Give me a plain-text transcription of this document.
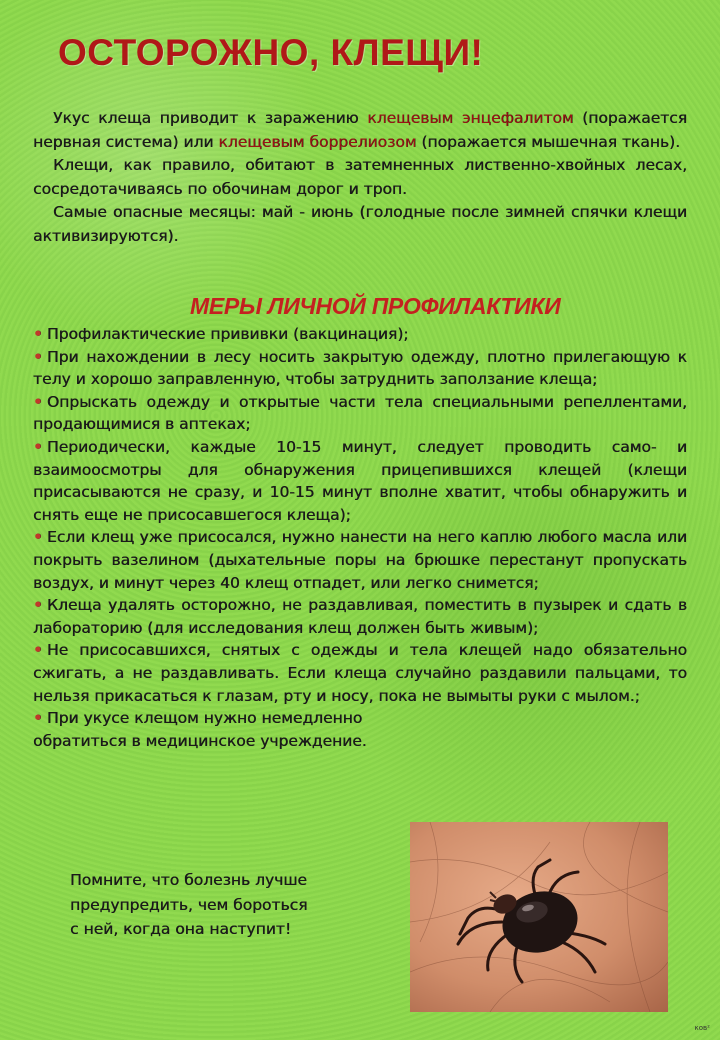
ОСТОРОЖНО, КЛЕЩИ!

Укус клеща приводит к заражению клещевым энцефалитом (поражается нервная система) или клещевым боррелиозом (поражается мышечная ткань).

Клещи, как правило, обитают в затемненных лиственно-хвойных лесах, сосредотачиваясь по обочинам дорог и троп.

Самые опасные месяцы: май - июнь (голодные после зимней спячки клещи активизируются).

МЕРЫ ЛИЧНОЙ ПРОФИЛАКТИКИ

• Профилактические прививки (вакцинация);

• При нахождении в лесу носить закрытую одежду, плотно прилегающую к телу и хорошо заправленную, чтобы затруднить заползание клеща;

• Опрыскать одежду и открытые части тела специальными репеллентами, продающимися в аптеках;

• Периодически, каждые 10-15 минут, следует проводить само- и взаимоосмотры для обнаружения прицепившихся клещей (клещи присасываются не сразу, и 10-15 минут вполне хватит, чтобы обнаружить и снять еще не присосавшегося клеща);

• Если клещ уже присосался, нужно нанести на него каплю любого масла или покрыть вазелином (дыхательные поры на брюшке перестанут пропускать воздух, и минут через 40 клещ отпадет, или легко снимется;

• Клеща удалять осторожно, не раздавливая, поместить в пузырек и сдать в лабораторию (для исследования клещ должен быть живым);

• Не присосавшихся, снятых с одежды и тела клещей надо обязательно сжигать, а не раздавливать. Если клеща случайно раздавили пальцами, то нельзя прикасаться к глазам, рту и носу, пока не вымыты руки с мылом.;

• При укусе клещом нужно немедленно обратиться в медицинское учреждение.

Помните, что болезнь лучше

предупредить, чем бороться

с ней, когда она наступит!

ков²
